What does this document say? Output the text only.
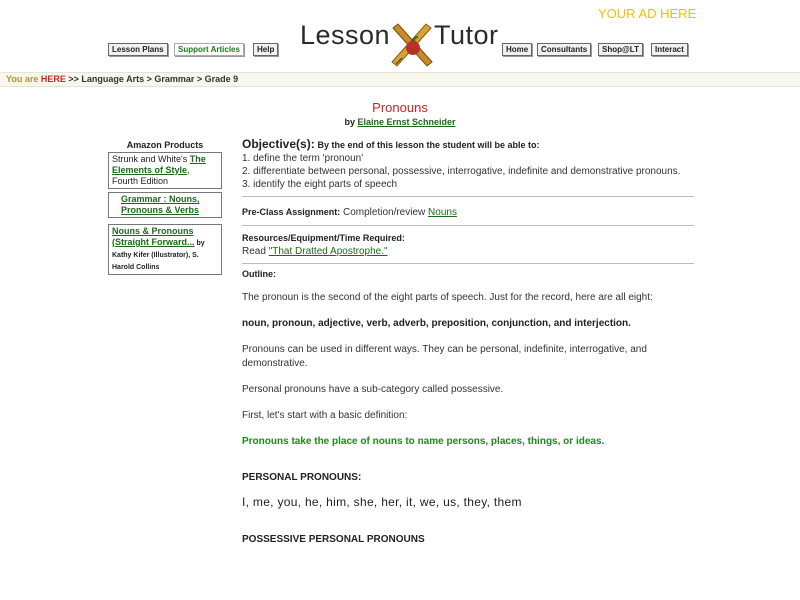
YOUR AD HERE
Lesson Plans	Support Articles	Help Lesson Tutor Home	Consultants	Shop@LT	Interact
You are HERE >> Language Arts > Grammar > Grade 9
Pronouns
by Elaine Ernst Schneider
Amazon Products
Strunk and White's The Elements of Style, Fourth Edition
Grammar : Nouns, Pronouns & Verbs
Nouns & Pronouns (Straight Forward... by Kathy Kifer (Illustrator), S. Harold Collins
Objective(s): By the end of this lesson the student will be able to:
1. define the term 'pronoun'
2. differentiate between personal, possessive, interrogative, indefinite and demonstrative pronouns.
3. identify the eight parts of speech
Pre-Class Assignment: Completion/review Nouns
Resources/Equipment/Time Required:
Read "That Dratted Apostrophe."
Outline:

The pronoun is the second of the eight parts of speech. Just for the record, here are all eight:

noun, pronoun, adjective, verb, adverb, preposition, conjunction, and interjection.

Pronouns can be used in different ways. They can be personal, indefinite, interrogative, and demonstrative.

Personal pronouns have a sub-category called possessive.

First, let's start with a basic definition:

Pronouns take the place of nouns to name persons, places, things, or ideas.

PERSONAL PRONOUNS:

I, me, you, he, him, she, her, it, we, us, they, them

POSSESSIVE PERSONAL PRONOUNS
